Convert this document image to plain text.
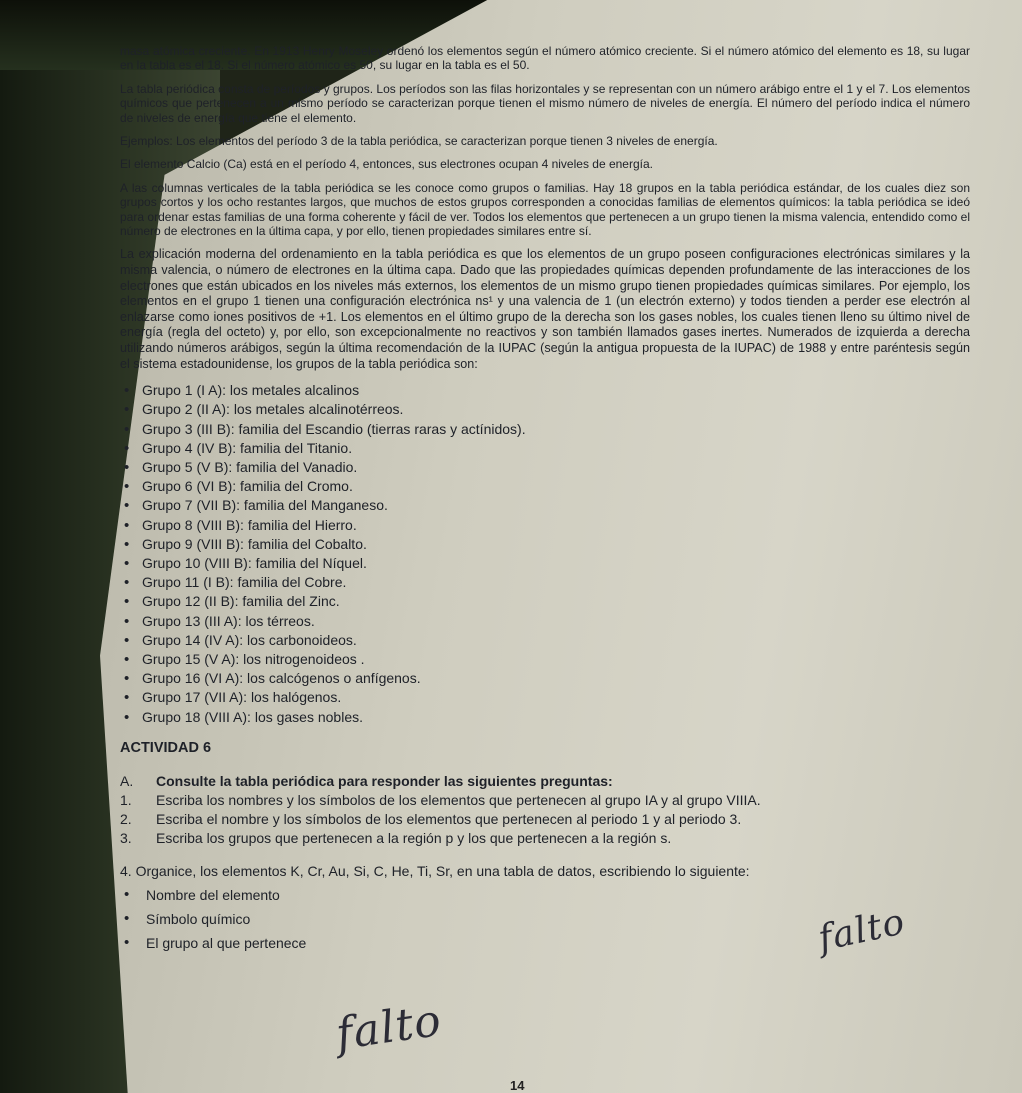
masa atómica creciente. En 1913 Henry Moseley ordenó los elementos según el número atómico creciente. Si el número atómico del elemento es 18, su lugar en la tabla es el 18. Si el número atómico es 50, su lugar en la tabla es el 50.

La tabla periódica consta de períodos y grupos. Los períodos son las filas horizontales y se representan con un número arábigo entre el 1 y el 7. Los elementos químicos que pertenecen a un mismo período se caracterizan porque tienen el mismo número de niveles de energía. El número del período indica el número de niveles de energía que tiene el elemento.

Ejemplos: Los elementos del período 3 de la tabla periódica, se caracterizan porque tienen 3 niveles de energía.

El elemento Calcio (Ca) está en el período 4, entonces, sus electrones ocupan 4 niveles de energía.

A las columnas verticales de la tabla periódica se les conoce como grupos o familias. Hay 18 grupos en la tabla periódica estándar, de los cuales diez son grupos cortos y los ocho restantes largos, que muchos de estos grupos corresponden a conocidas familias de elementos químicos: la tabla periódica se ideó para ordenar estas familias de una forma coherente y fácil de ver. Todos los elementos que pertenecen a un grupo tienen la misma valencia, entendido como el número de electrones en la última capa, y por ello, tienen propiedades similares entre sí.

La explicación moderna del ordenamiento en la tabla periódica es que los elementos de un grupo poseen configuraciones electrónicas similares y la misma valencia, o número de electrones en la última capa. Dado que las propiedades químicas dependen profundamente de las interacciones de los electrones que están ubicados en los niveles más externos, los elementos de un mismo grupo tienen propiedades químicas similares. Por ejemplo, los elementos en el grupo 1 tienen una configuración electrónica ns¹ y una valencia de 1 (un electrón externo) y todos tienden a perder ese electrón al enlazarse como iones positivos de +1. Los elementos en el último grupo de la derecha son los gases nobles, los cuales tienen lleno su último nivel de energía (regla del octeto) y, por ello, son excepcionalmente no reactivos y son también llamados gases inertes. Numerados de izquierda a derecha utilizando números arábigos, según la última recomendación de la IUPAC (según la antigua propuesta de la IUPAC) de 1988 y entre paréntesis según el sistema estadounidense, los grupos de la tabla periódica son:

• Grupo 1 (I A): los metales alcalinos
• Grupo 2 (II A): los metales alcalinotérreos.
• Grupo 3 (III B): familia del Escandio (tierras raras y actínidos).
• Grupo 4 (IV B): familia del Titanio.
• Grupo 5 (V B): familia del Vanadio.
• Grupo 6 (VI B): familia del Cromo.
• Grupo 7 (VII B): familia del Manganeso.
• Grupo 8 (VIII B): familia del Hierro.
• Grupo 9 (VIII B): familia del Cobalto.
• Grupo 10 (VIII B): familia del Níquel.
• Grupo 11 (I B): familia del Cobre.
• Grupo 12 (II B): familia del Zinc.
• Grupo 13 (III A): los térreos.
• Grupo 14 (IV A): los carbonoideos.
• Grupo 15 (V A): los nitrogenoideos .
• Grupo 16 (VI A): los calcógenos o anfígenos.
• Grupo 17 (VII A): los halógenos.
• Grupo 18 (VIII A): los gases nobles.
ACTIVIDAD 6
A.	Consulte la tabla periódica para responder las siguientes preguntas:
1.	Escriba los nombres y los símbolos de los elementos que pertenecen al grupo IA y al grupo VIIIA.
2.	Escriba el nombre y los símbolos de los elementos que pertenecen al periodo 1 y al periodo 3.
3.	Escriba los grupos que pertenecen a la región p y los que pertenecen a la región s.
4. Organice, los elementos K, Cr, Au, Si, C, He, Ti, Sr, en una tabla de datos, escribiendo lo siguiente:
• Nombre del elemento
• Símbolo químico
• El grupo al que pertenece	falto
falto
14
